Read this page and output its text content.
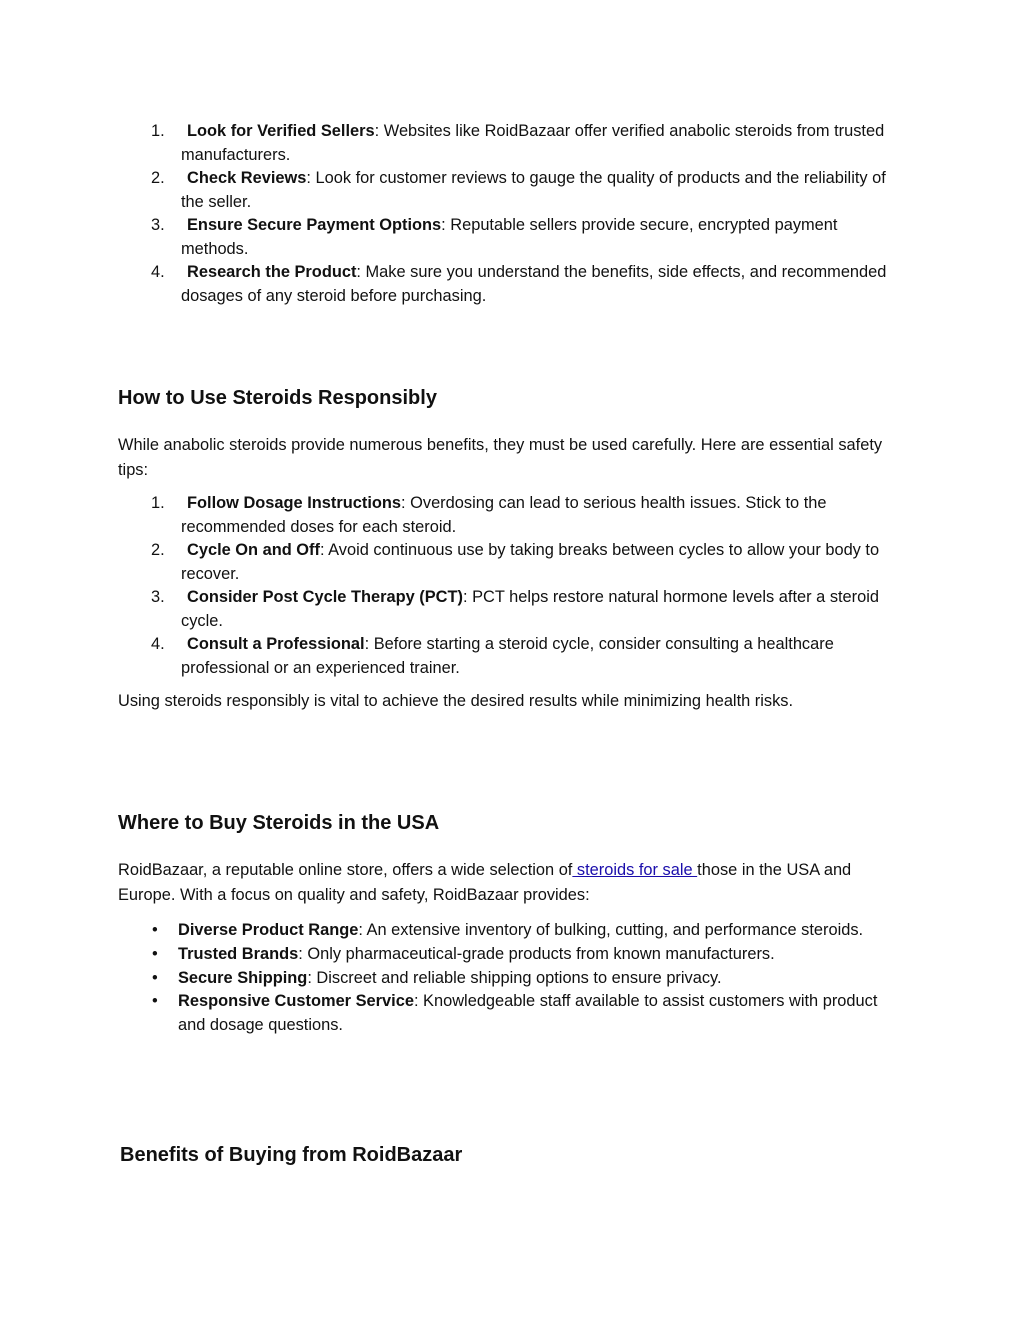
1.	Look for Verified Sellers: Websites like RoidBazaar offer verified anabolic steroids from trusted manufacturers.
2.	Check Reviews: Look for customer reviews to gauge the quality of products and the reliability of the seller.
3.	Ensure Secure Payment Options: Reputable sellers provide secure, encrypted payment methods.
4.	Research the Product: Make sure you understand the benefits, side effects, and recommended dosages of any steroid before purchasing.
How to Use Steroids Responsibly

While anabolic steroids provide numerous benefits, they must be used carefully. Here are essential safety tips:

1.	Follow Dosage Instructions: Overdosing can lead to serious health issues. Stick to the recommended doses for each steroid.
2.	Cycle On and Off: Avoid continuous use by taking breaks between cycles to allow your body to recover.
3.	Consider Post Cycle Therapy (PCT): PCT helps restore natural hormone levels after a steroid cycle.
4.	Consult a Professional: Before starting a steroid cycle, consider consulting a healthcare professional or an experienced trainer.

Using steroids responsibly is vital to achieve the desired results while minimizing health risks.

Where to Buy Steroids in the USA

RoidBazaar, a reputable online store, offers a wide selection of steroids for sale those in the USA and Europe. With a focus on quality and safety, RoidBazaar provides:

•	Diverse Product Range: An extensive inventory of bulking, cutting, and performance steroids.
•	Trusted Brands: Only pharmaceutical-grade products from known manufacturers.
•	Secure Shipping: Discreet and reliable shipping options to ensure privacy.
•	Responsive Customer Service: Knowledgeable staff available to assist customers with product and dosage questions.
Benefits of Buying from RoidBazaar
